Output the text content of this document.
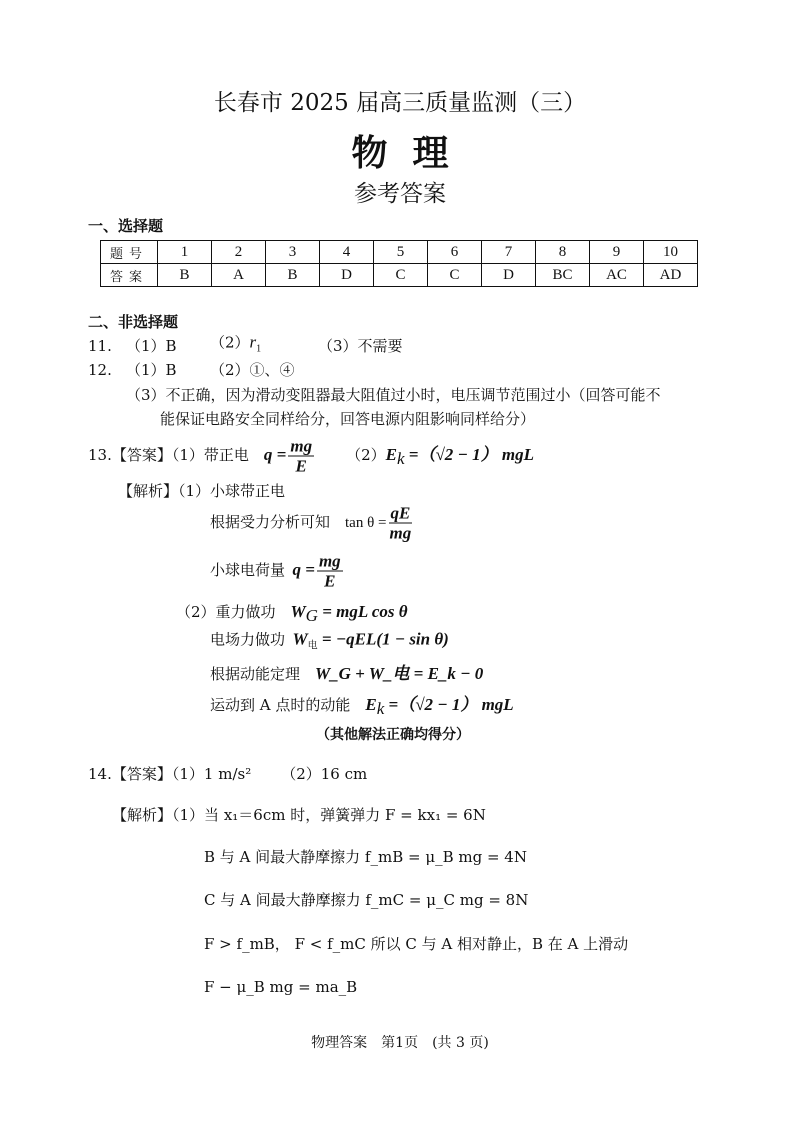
长春市 2025 届高三质量监测（三）
物  理
参考答案
一、选择题
题号	1	2	3	4	5	6	7	8	9	10
答案	B	A	B	D	C	C	D	BC	AC	AD
二、非选择题
11. （1）B $(2)r_1$	（3）不需要
12. （1）B （2）①、④
（3）不正确，因为滑动变阻器最大阻值过小时，电压调节范围过小（回答可能不
能保证电路安全同样给分，回答电源内阻影响同样给分）
13.【答案】（1）带正电  $q = \frac{mg}{E}$
   $(2)E_k =(√2 - 1)$ mgL
【解析】（1）小球带正电
根据受力分析可知  $\tan \theta = \frac{qE}{mg}$
小球电荷量  $q = \frac{mg}{E}$
（2）重力做功  $W_G$ = mgL cos θ
电场力做功  $W_电 = -qEL(1 - \sin \theta)$
根据动能定理  W_G + W_电 = E_k − 0
运动到 A 点时的动能  $E_k =(√2 - 1)$ mgL
（其他解法正确均得分）
14.【答案】（1）1 m/s²   （2）16 cm
【解析】（1）当 x₁＝6cm 时，弹簧弹力 F = kx₁ = 6N
B 与 A 间最大静摩擦力 f_mB = μ_B mg = 4N
C 与 A 间最大静摩擦力 f_mC = μ_C mg = 8N
F > f_mB， F < f_mC 所以 C 与 A 相对静止，B 在 A 上滑动
F − μ_B mg = ma_B
物理答案　第1页　(共 3 页)
